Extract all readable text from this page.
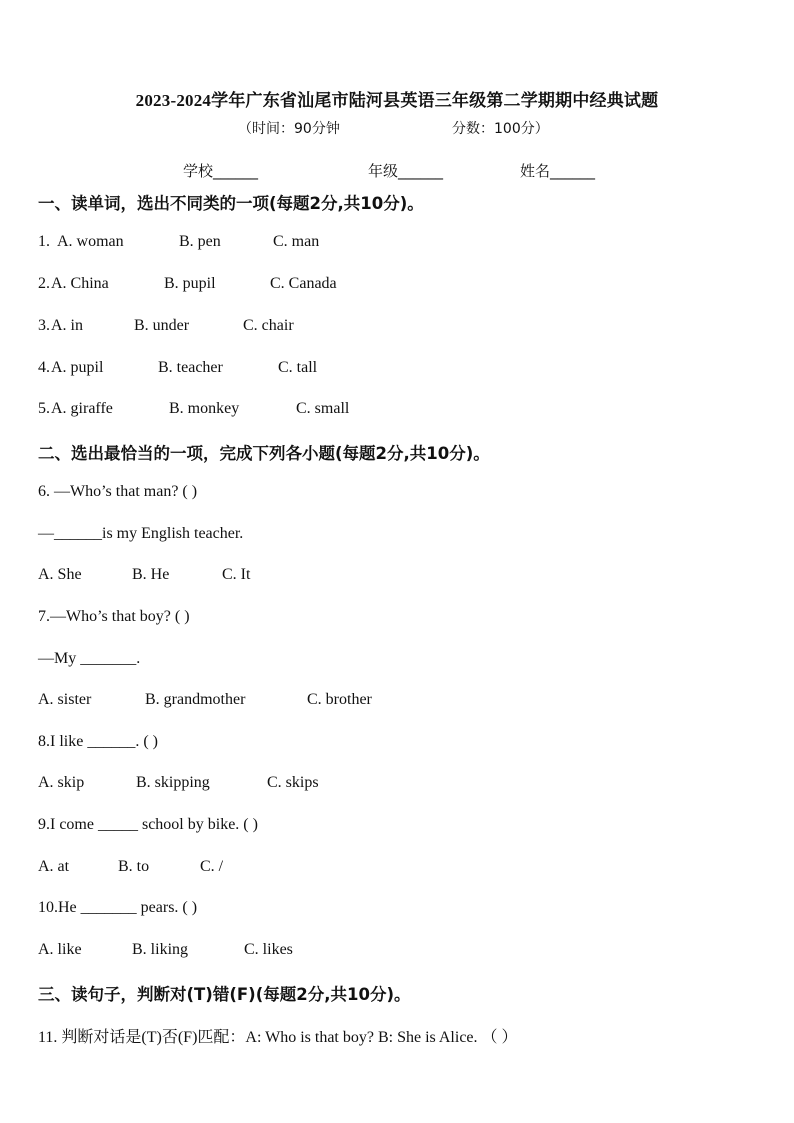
2023-2024学年广东省汕尾市陆河县英语三年级第二学期期中经典试题
（时间：90分钟	分数：100分）
学校______	年级______	姓名______
一、读单词，选出不同类的一项(每题2分,共10分)。
1. A. woman	B. pen	C. man
2. A. China	B. pupil	C. Canada
3. A. in	B. under	C. chair
4. A. pupil	B. teacher	C. tall
5. A. giraffe	B. monkey	C. small
二、选出最恰当的一项，完成下列各小题(每题2分,共10分)。
6. —Who’s that man? ( )
—______is my English teacher.
A. She	B. He	C. It
7.—Who’s that boy? ( )
—My _______.
A. sister	B. grandmother	C. brother
8.I like ______. ( )
A. skip	B. skipping	C. skips
9.I come _____ school by bike. ( )
A. at	B. to	C. /
10.He _______ pears. ( )
A. like	B. liking	C. likes
三、读句子，判断对(T)错(F)(每题2分,共10分)。
11. 判断对话是(T)否(F)匹配：A: Who is that boy? B: She is Alice. （ ）
